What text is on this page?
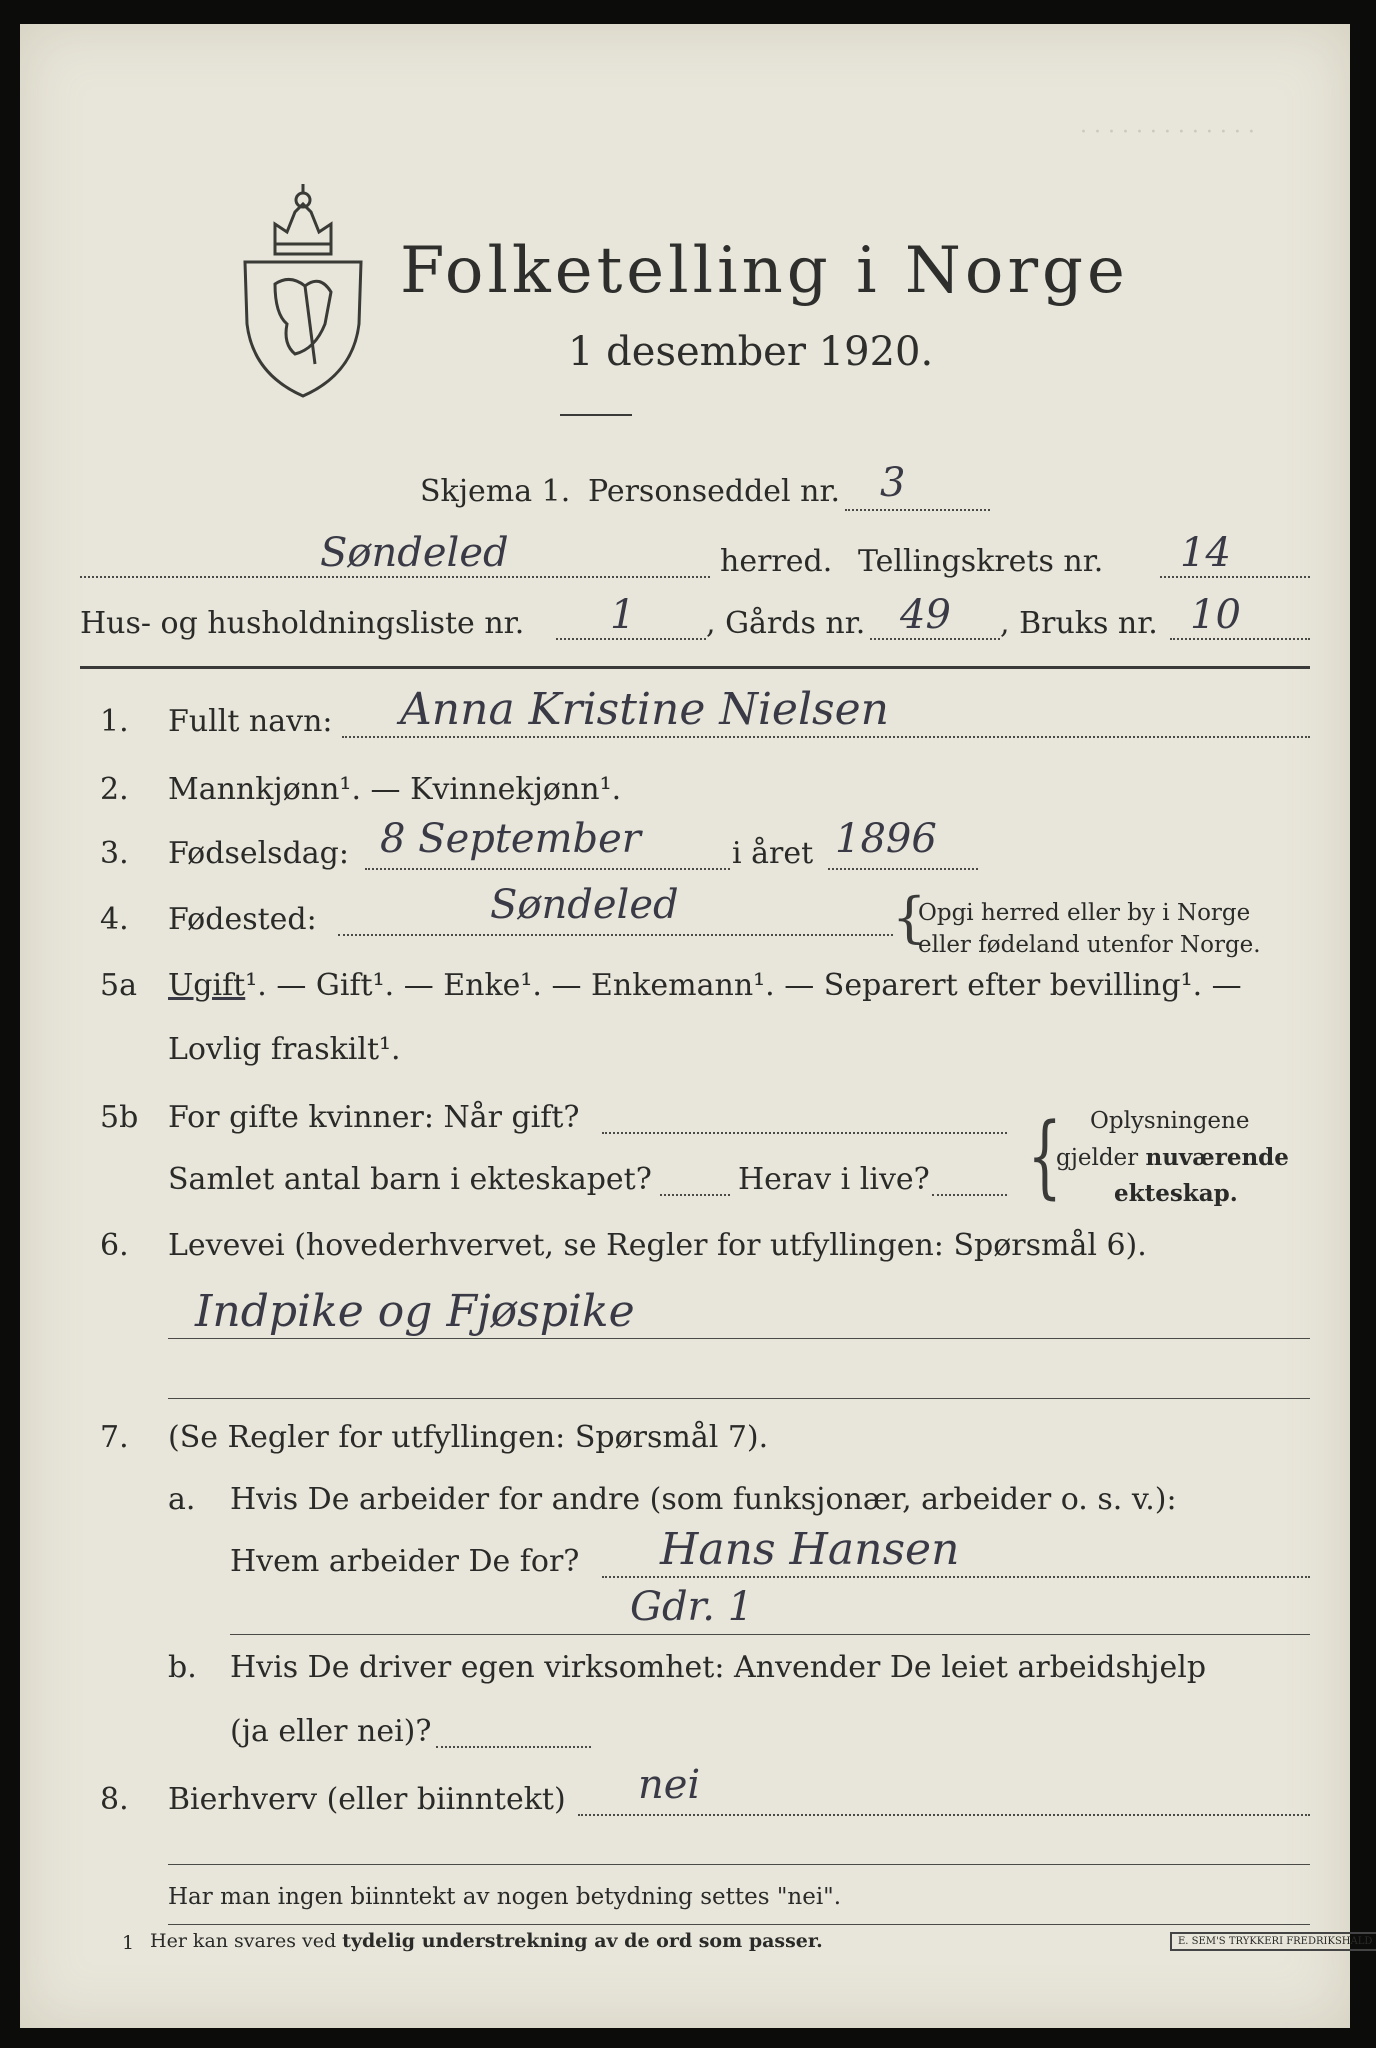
Folketelling i Norge
1 desember 1920.
· · · · · · · · · · · · ·
Skjema 1. Personseddel nr. 3
Søndeled	herred. Tellingskrets nr. 14
Hus- og husholdningsliste nr. 1 , Gårds nr. 49 , Bruks nr. 10
1. Fullt navn: Anna Kristine Nielsen
2. Mannkjønn¹. — Kvinnekjønn¹.
3. Fødselsdag: 8 September	i året 1896
4. Fødested:	Søndeled	{
Opgi herred eller by i Norge
eller fødeland utenfor Norge.
5a Ugift¹. — Gift¹. — Enke¹. — Enkemann¹. — Separert efter bevilling¹. —
Lovlig fraskilt¹.
5b For gifte kvinner: Når gift?
Samlet antal barn i ekteskapet?	Herav i live? { Oplysningene
gjelder nuværende
ekteskap.
6. Levevei (hovederhvervet, se Regler for utfyllingen: Spørsmål 6).
Indpike og Fjøspike
7. (Se Regler for utfyllingen: Spørsmål 7).
a. Hvis De arbeider for andre (som funksjonær, arbeider o. s. v.):
Hvem arbeider De for? Hans Hansen
Gdr. 1
b. Hvis De driver egen virksomhet: Anvender De leiet arbeidshjelp
(ja eller nei)?
8. Bierhverv (eller biinntekt) nei
Har man ingen biinntekt av nogen betydning settes "nei".
1 Her kan svares ved tydelig understrekning av de ord som passer.	E. SEM'S TRYKKERI FREDRIKSHALD
